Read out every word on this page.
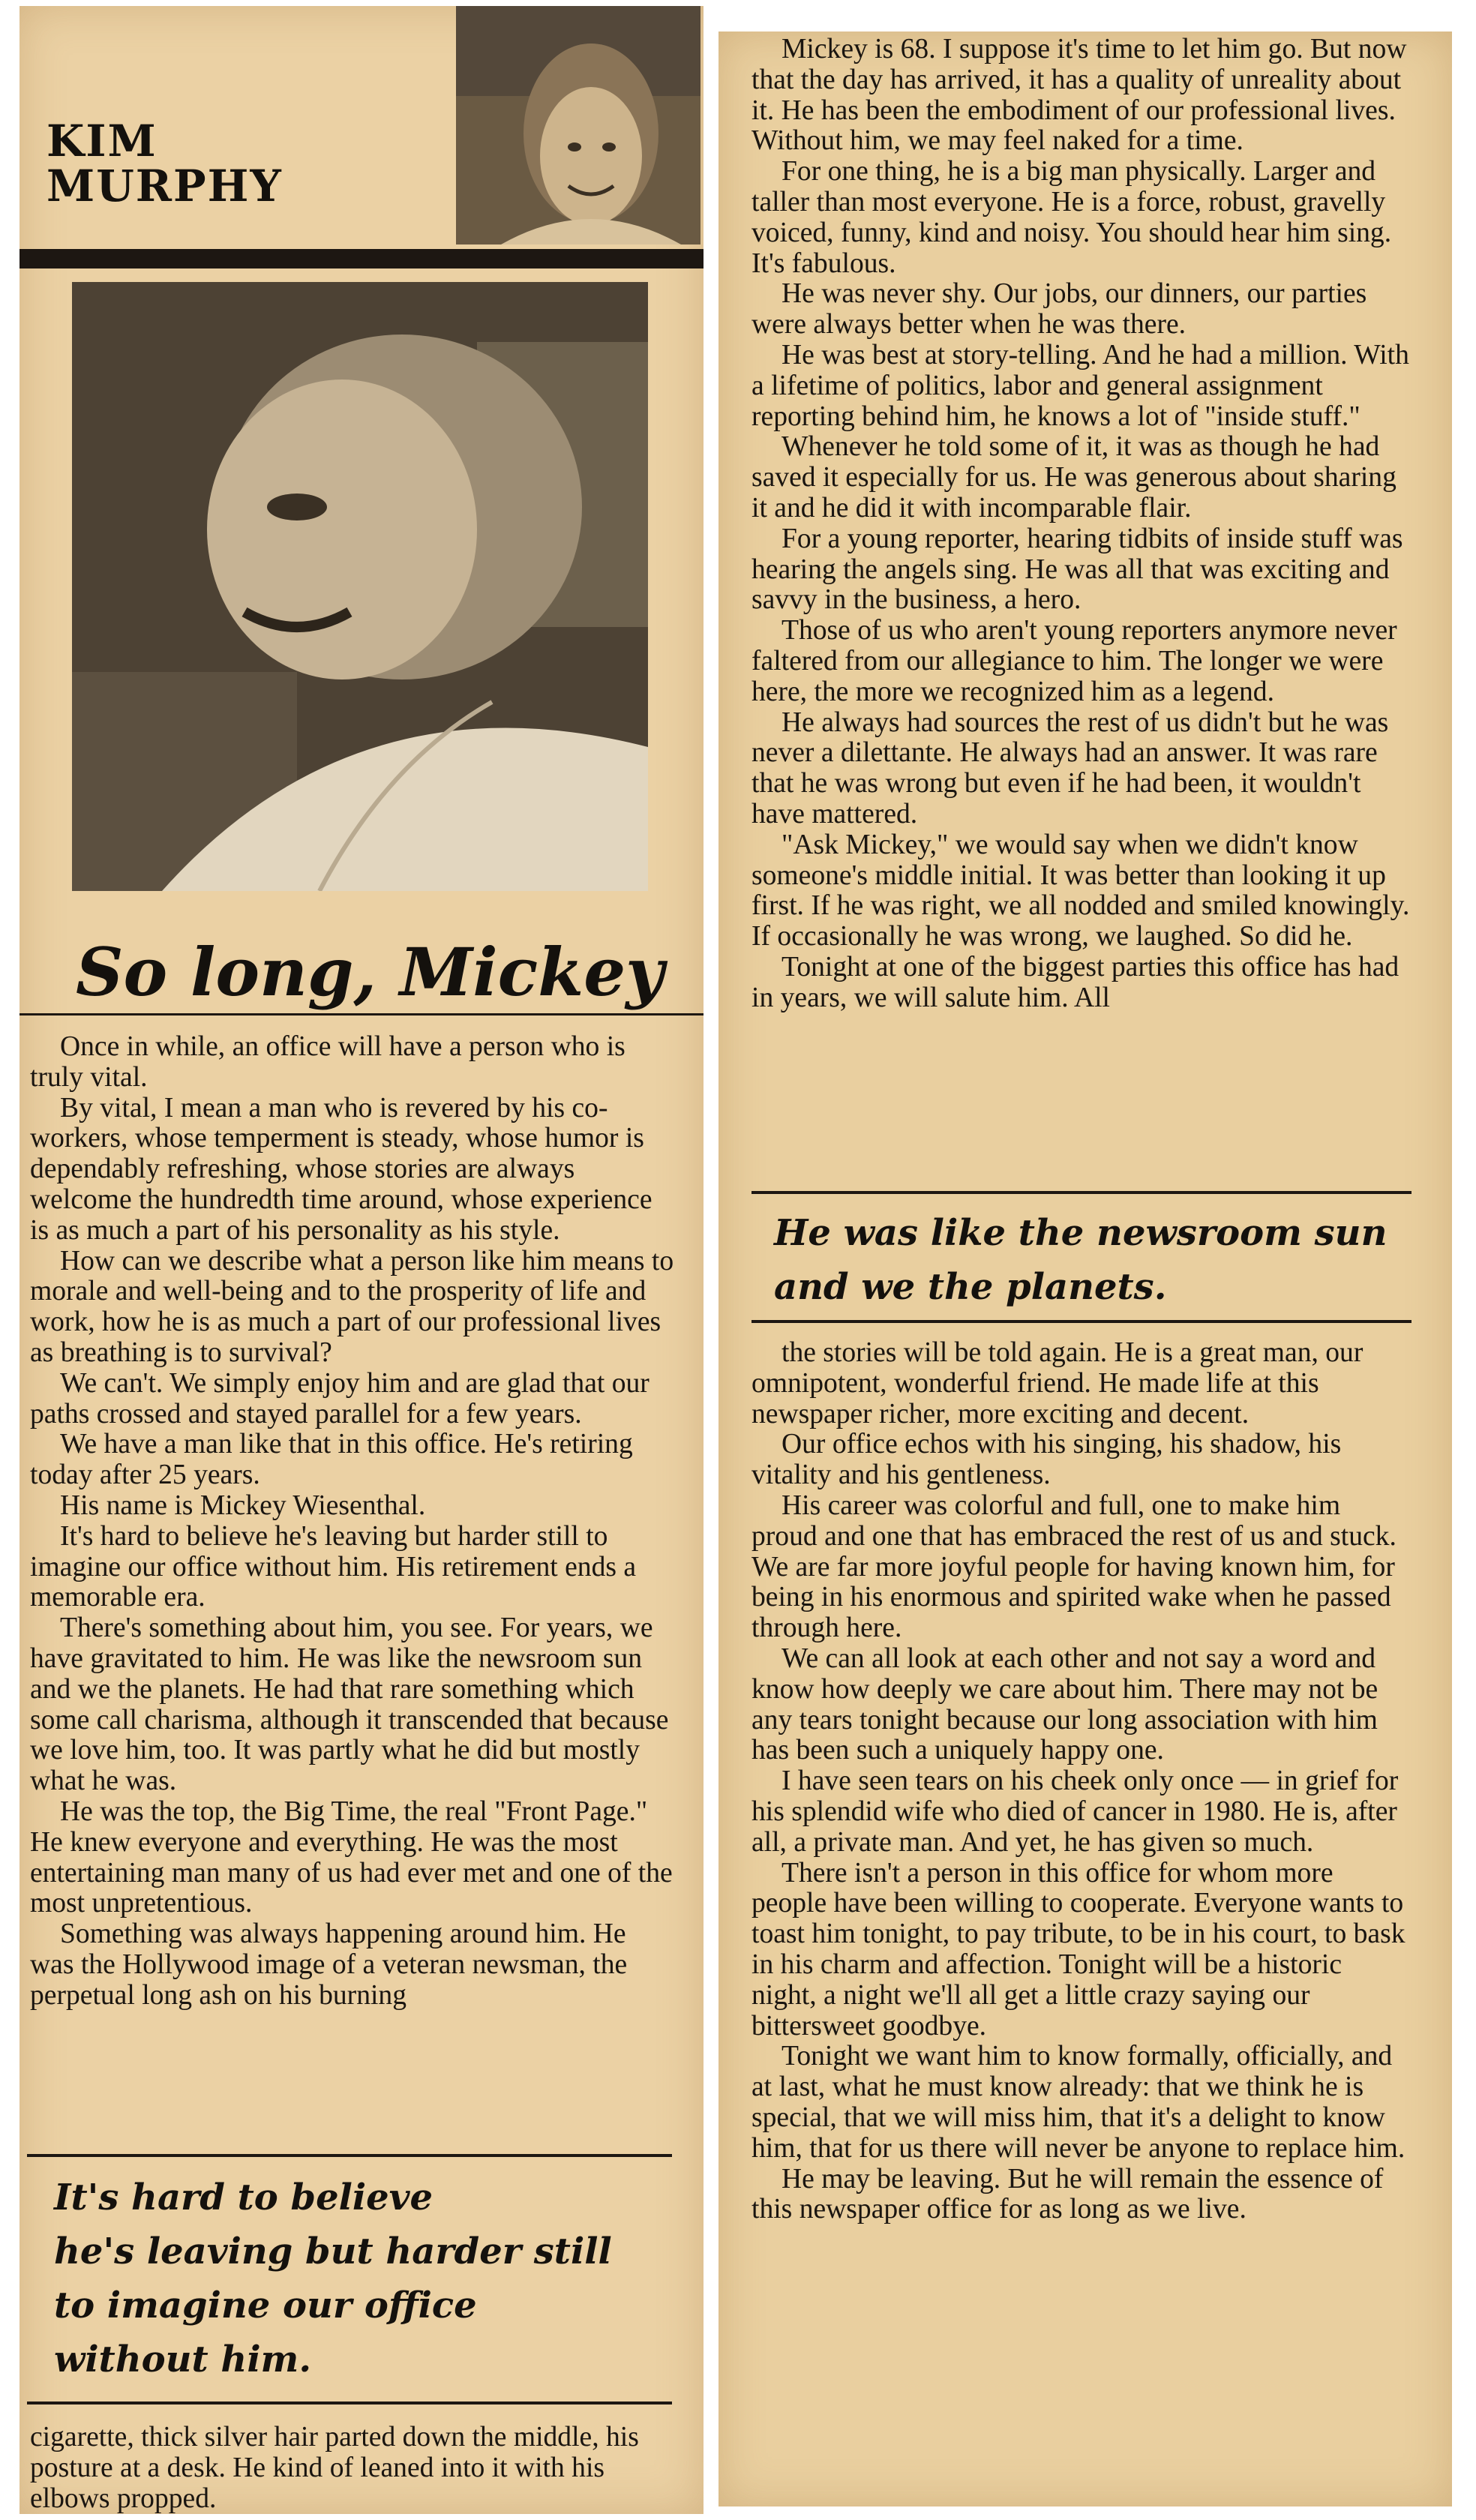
KIM
MURPHY
So long, Mickey

Once in while, an office will have a person who is truly vital.

By vital, I mean a man who is revered by his co-workers, whose temperment is steady, whose humor is dependably refreshing, whose stories are always welcome the hundredth time around, whose experience is as much a part of his personality as his style.

How can we describe what a person like him means to morale and well-being and to the prosperity of life and work, how he is as much a part of our professional lives as breathing is to survival?

We can't. We simply enjoy him and are glad that our paths crossed and stayed parallel for a few years.

We have a man like that in this office. He's retiring today after 25 years.

His name is Mickey Wiesenthal.

It's hard to believe he's leaving but harder still to imagine our office without him. His retirement ends a memorable era.

There's something about him, you see. For years, we have gravitated to him. He was like the newsroom sun and we the planets. He had that rare something which some call charisma, although it transcended that because we love him, too. It was partly what he did but mostly what he was.

He was the top, the Big Time, the real "Front Page." He knew everyone and everything. He was the most entertaining man many of us had ever met and one of the most unpretentious.

Something was always happening around him. He was the Hollywood image of a veteran newsman, the perpetual long ash on his burning

It's hard to believe
he's leaving but harder still
to imagine our office
without him.

cigarette, thick silver hair parted down the middle, his posture at a desk. He kind of leaned into it with his elbows propped.

Mickey is 68. I suppose it's time to let him go. But now that the day has arrived, it has a quality of unreality about it. He has been the embodiment of our professional lives. Without him, we may feel naked for a time.

For one thing, he is a big man physically. Larger and taller than most everyone. He is a force, robust, gravelly voiced, funny, kind and noisy. You should hear him sing. It's fabulous.

He was never shy. Our jobs, our dinners, our parties were always better when he was there.

He was best at story-telling. And he had a million. With a lifetime of politics, labor and general assignment reporting behind him, he knows a lot of "inside stuff."

Whenever he told some of it, it was as though he had saved it especially for us. He was generous about sharing it and he did it with incomparable flair.

For a young reporter, hearing tidbits of inside stuff was hearing the angels sing. He was all that was exciting and savvy in the business, a hero.

Those of us who aren't young reporters anymore never faltered from our allegiance to him. The longer we were here, the more we recognized him as a legend.

He always had sources the rest of us didn't but he was never a dilettante. He always had an answer. It was rare that he was wrong but even if he had been, it wouldn't have mattered.

"Ask Mickey," we would say when we didn't know someone's middle initial. It was better than looking it up first. If he was right, we all nodded and smiled knowingly. If occasionally he was wrong, we laughed. So did he.

Tonight at one of the biggest parties this office has had in years, we will salute him. All

He was like the newsroom sun
and we the planets.

the stories will be told again. He is a great man, our omnipotent, wonderful friend. He made life at this newspaper richer, more exciting and decent.

Our office echos with his singing, his shadow, his vitality and his gentleness.

His career was colorful and full, one to make him proud and one that has embraced the rest of us and stuck. We are far more joyful people for having known him, for being in his enormous and spirited wake when he passed through here.

We can all look at each other and not say a word and know how deeply we care about him. There may not be any tears tonight because our long association with him has been such a uniquely happy one.

I have seen tears on his cheek only once — in grief for his splendid wife who died of cancer in 1980. He is, after all, a private man. And yet, he has given so much.

There isn't a person in this office for whom more people have been willing to cooperate. Everyone wants to toast him tonight, to pay tribute, to be in his court, to bask in his charm and affection. Tonight will be a historic night, a night we'll all get a little crazy saying our bittersweet goodbye.

Tonight we want him to know formally, officially, and at last, what he must know already: that we think he is special, that we will miss him, that it's a delight to know him, that for us there will never be anyone to replace him.

He may be leaving. But he will remain the essence of this newspaper office for as long as we live.
